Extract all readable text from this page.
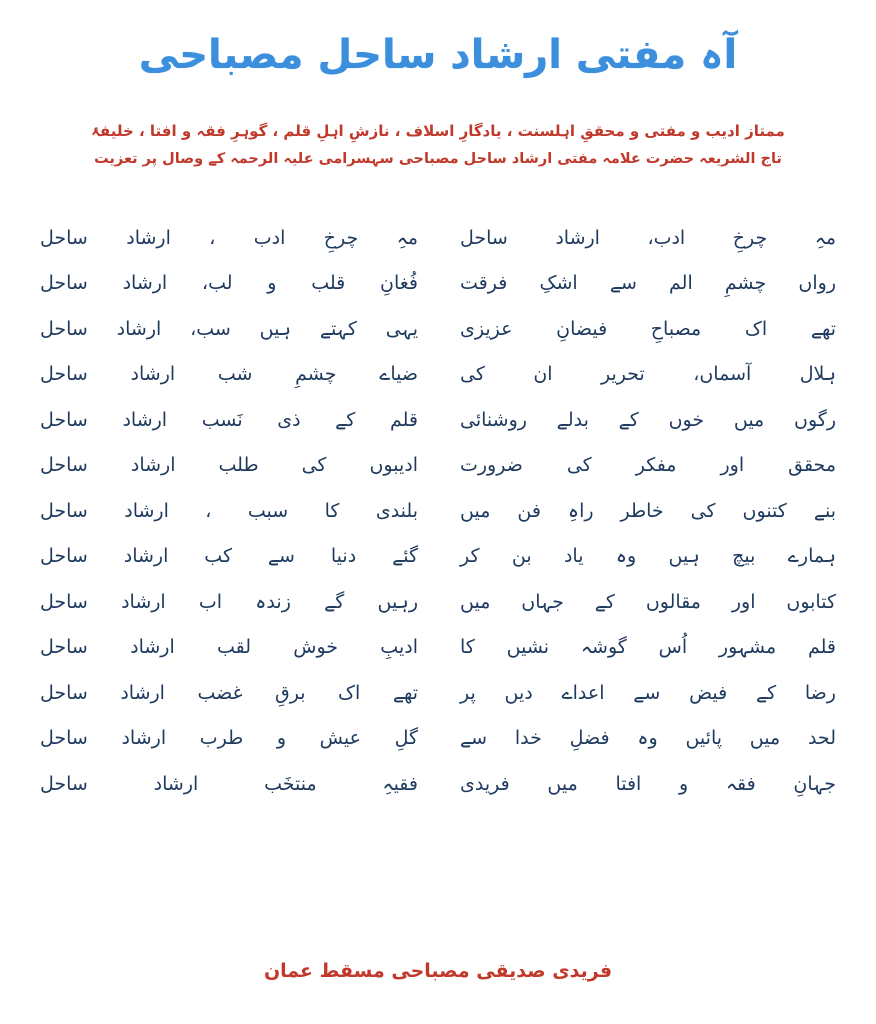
آہ مفتی ارشاد ساحل مصباحی

ممتاز ادیب و مفتی و محققِ اہلسنت ، یادگارِ اسلاف ، نازشِ اہلِ قلم ، گوہرِ فقہ و افتا ، خلیفۂ

تاج الشریعہ حضرت علامہ مفتی ارشاد ساحل مصباحی سہسرامی علیہ الرحمہ کے وصال پر تعزیت

مہِ چرخِ ادب، ارشاد ساحل
مہِ چرخِ ادب ، ارشاد ساحل
رواں چشمِ الم سے اشکِ فرقت
فُغانِ قلب و لب، ارشاد ساحل
تھے اک مصباحِ فیضانِ عزیزی
یہی کہتے ہیں سب، ارشاد ساحل
ہلال آسماں، تحریر ان کی
ضیاے چشمِ شب ارشاد ساحل
رگوں میں خوں کے بدلے روشنائی
قلم کے ذی نَسب ارشاد ساحل
محقق اور مفکر کی ضرورت
ادیبوں کی طلب ارشاد ساحل
بنے کتنوں کی خاطر راہِ فن میں
بلندی کا سبب ، ارشاد ساحل
ہمارے بیچ ہیں وہ یاد بن کر
گئے دنیا سے کب ارشاد ساحل
کتابوں اور مقالوں کے جہاں میں
رہیں گے زندہ اب ارشاد ساحل
قلم مشہور اُس گوشہ نشیں کا
ادیبِ خوش لقب ارشاد ساحل
رضا کے فیض سے اعداے دیں پر
تھے اک برقِ غضب ارشاد ساحل
لحد میں پائیں وہ فضلِ خدا سے
گلِ عیش و طرب ارشاد ساحل
جہانِ فقہ و افتا میں فریدی
فقیہِ منتخَب ارشاد ساحل

فریدی صدیقی مصباحی مسقط عمان
